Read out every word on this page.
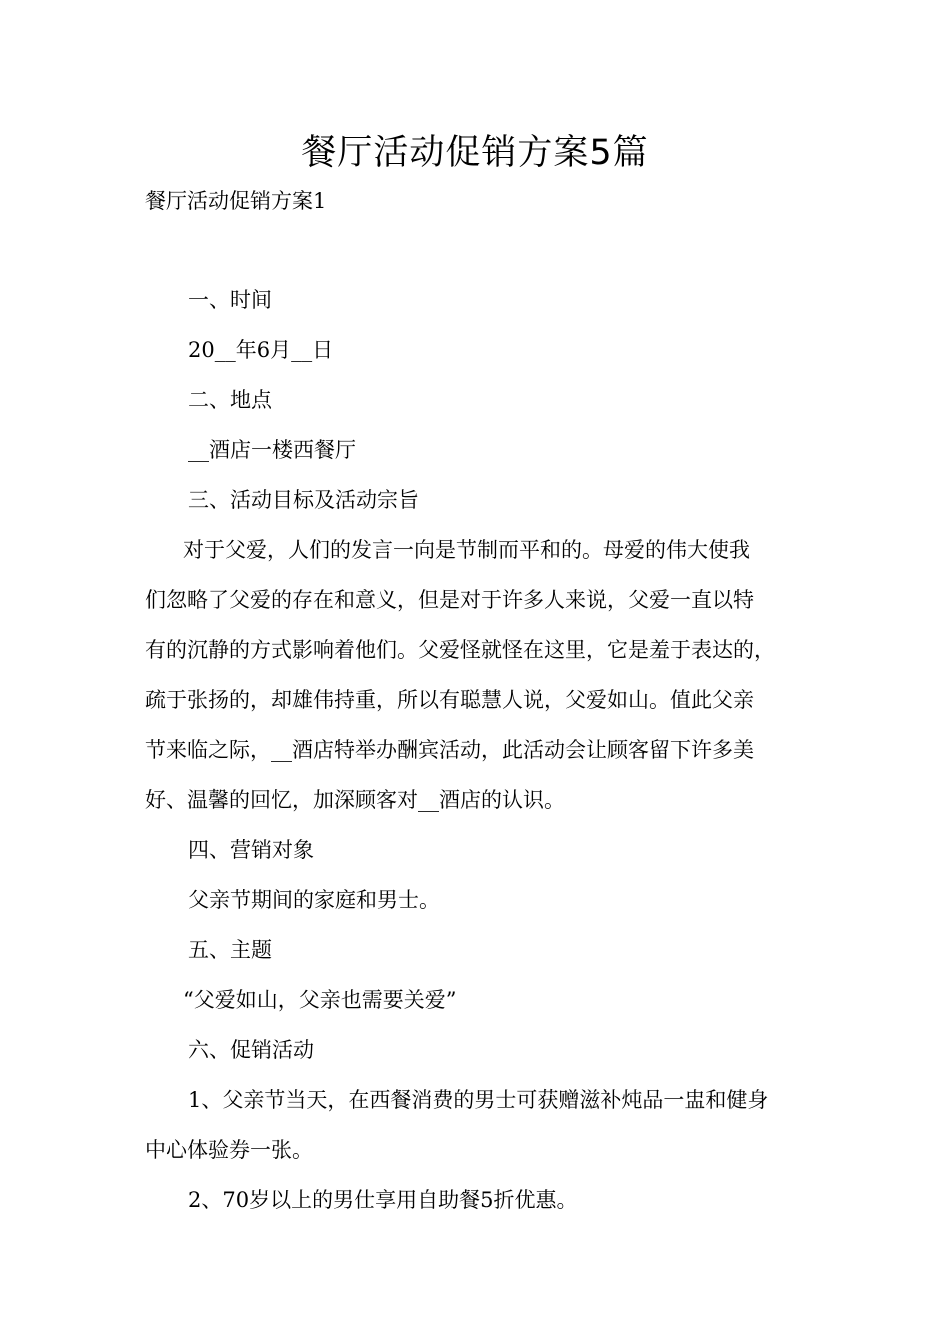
餐厅活动促销方案5篇
餐厅活动促销方案1
一、时间
20__年6月__日
二、地点
__酒店一楼西餐厅
三、活动目标及活动宗旨
对于父爱，人们的发言一向是节制而平和的。母爱的伟大使我
们忽略了父爱的存在和意义，但是对于许多人来说，父爱一直以特
有的沉静的方式影响着他们。父爱怪就怪在这里，它是羞于表达的，
疏于张扬的，却雄伟持重，所以有聪慧人说，父爱如山。值此父亲
节来临之际，__酒店特举办酬宾活动，此活动会让顾客留下许多美
好、温馨的回忆，加深顾客对__酒店的认识。
四、营销对象
父亲节期间的家庭和男士。
五、主题
“父爱如山，父亲也需要关爱”
六、促销活动
1、父亲节当天，在西餐消费的男士可获赠滋补炖品一盅和健身
中心体验券一张。
2、70岁以上的男仕享用自助餐5折优惠。
